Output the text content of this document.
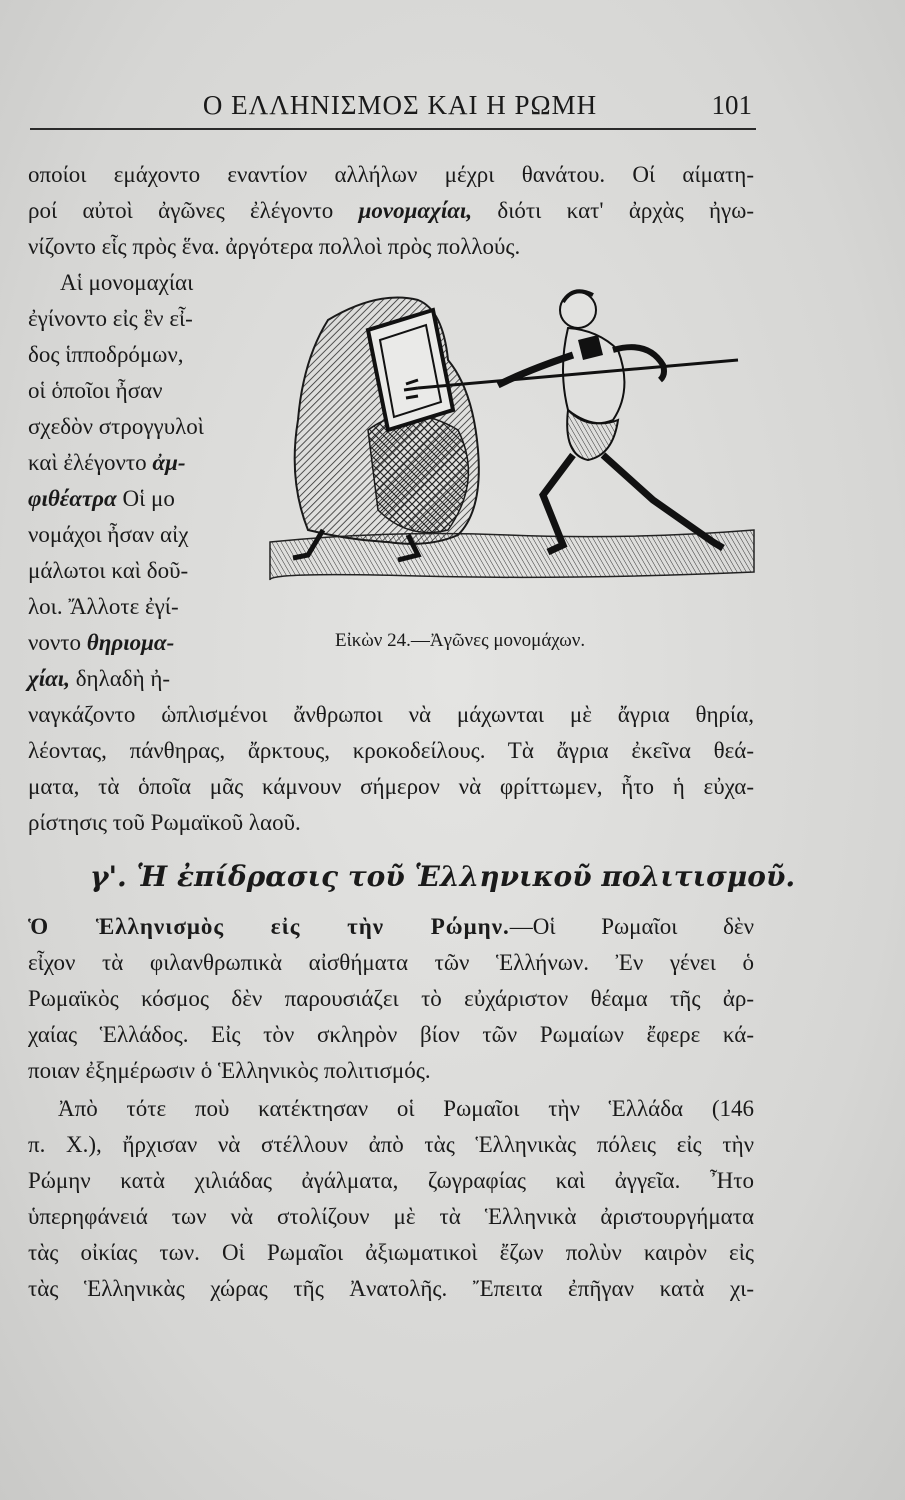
Ο ΕΛΛΗΝΙΣΜΟΣ ΚΑΙ Η ΡΩΜΗ	101
οποίοι εμάχοντο εναντίον αλλήλων μέχρι θανάτου. Οί αίματη-
ροί αὐτοὶ ἀγῶνες ἐλέγοντο μονομαχίαι, διότι κατ' ἀρχὰς ἠγω-
νίζοντο εἷς πρὸς ἕνα. ἀργότερα πολλοὶ πρὸς πολλούς.
Αἱ μονομαχίαι
ἐγίνοντο εἰς ἓν εἶ-
δος ἱπποδρόμων,
οἱ ὁποῖοι ἦσαν
σχεδὸν στρογγυλοὶ
καὶ ἐλέγοντο ἀμ-
φιθέατρα Οἱ μο
νομάχοι ἦσαν αἰχ
μάλωτοι καὶ δοῦ-
λοι. Ἄλλοτε ἐγί-
νοντο θηριομα-
χίαι, δηλαδὴ ἠ-
Εἰκὼν 24.—Ἀγῶνες μονομάχων.
ναγκάζοντο ὡπλισμένοι ἄνθρωποι νὰ μάχωνται μὲ ἄγρια θηρία,
λέοντας, πάνθηρας, ἄρκτους, κροκοδείλους. Τὰ ἄγρια ἐκεῖνα θεά-
ματα, τὰ ὁποῖα μᾶς κάμνουν σήμερον νὰ φρίττωμεν, ἦτο ἡ εὐχα-
ρίστησις τοῦ Ρωμαϊκοῦ λαοῦ.
γ'. Ἡ ἐπίδρασις τοῦ Ἑλληνικοῦ πολιτισμοῦ.
Ὁ Ἑλληνισμὸς εἰς τὴν Ρώμην.—Οἱ Ρωμαῖοι δὲν
εἶχον τὰ φιλανθρωπικὰ αἰσθήματα τῶν Ἑλλήνων. Ἐν γένει ὁ
Ρωμαϊκὸς κόσμος δὲν παρουσιάζει τὸ εὐχάριστον θέαμα τῆς ἀρ-
χαίας Ἑλλάδος. Εἰς τὸν σκληρὸν βίον τῶν Ρωμαίων ἔφερε κά-
ποιαν ἐξημέρωσιν ὁ Ἑλληνικὸς πολιτισμός.
Ἀπὸ τότε ποὺ κατέκτησαν οἱ Ρωμαῖοι τὴν Ἑλλάδα (146
π. Χ.), ἤρχισαν νὰ στέλλουν ἀπὸ τὰς Ἑλληνικὰς πόλεις εἰς τὴν
Ρώμην κατὰ χιλιάδας ἀγάλματα, ζωγραφίας καὶ ἀγγεῖα. Ἦτο
ὑπερηφάνειά των νὰ στολίζουν μὲ τὰ Ἑλληνικὰ ἀριστουργήματα
τὰς οἰκίας των. Οἱ Ρωμαῖοι ἀξιωματικοὶ ἔζων πολὺν καιρὸν εἰς
τὰς Ἑλληνικὰς χώρας τῆς Ἀνατολῆς. Ἔπειτα ἐπῆγαν κατὰ χι-
